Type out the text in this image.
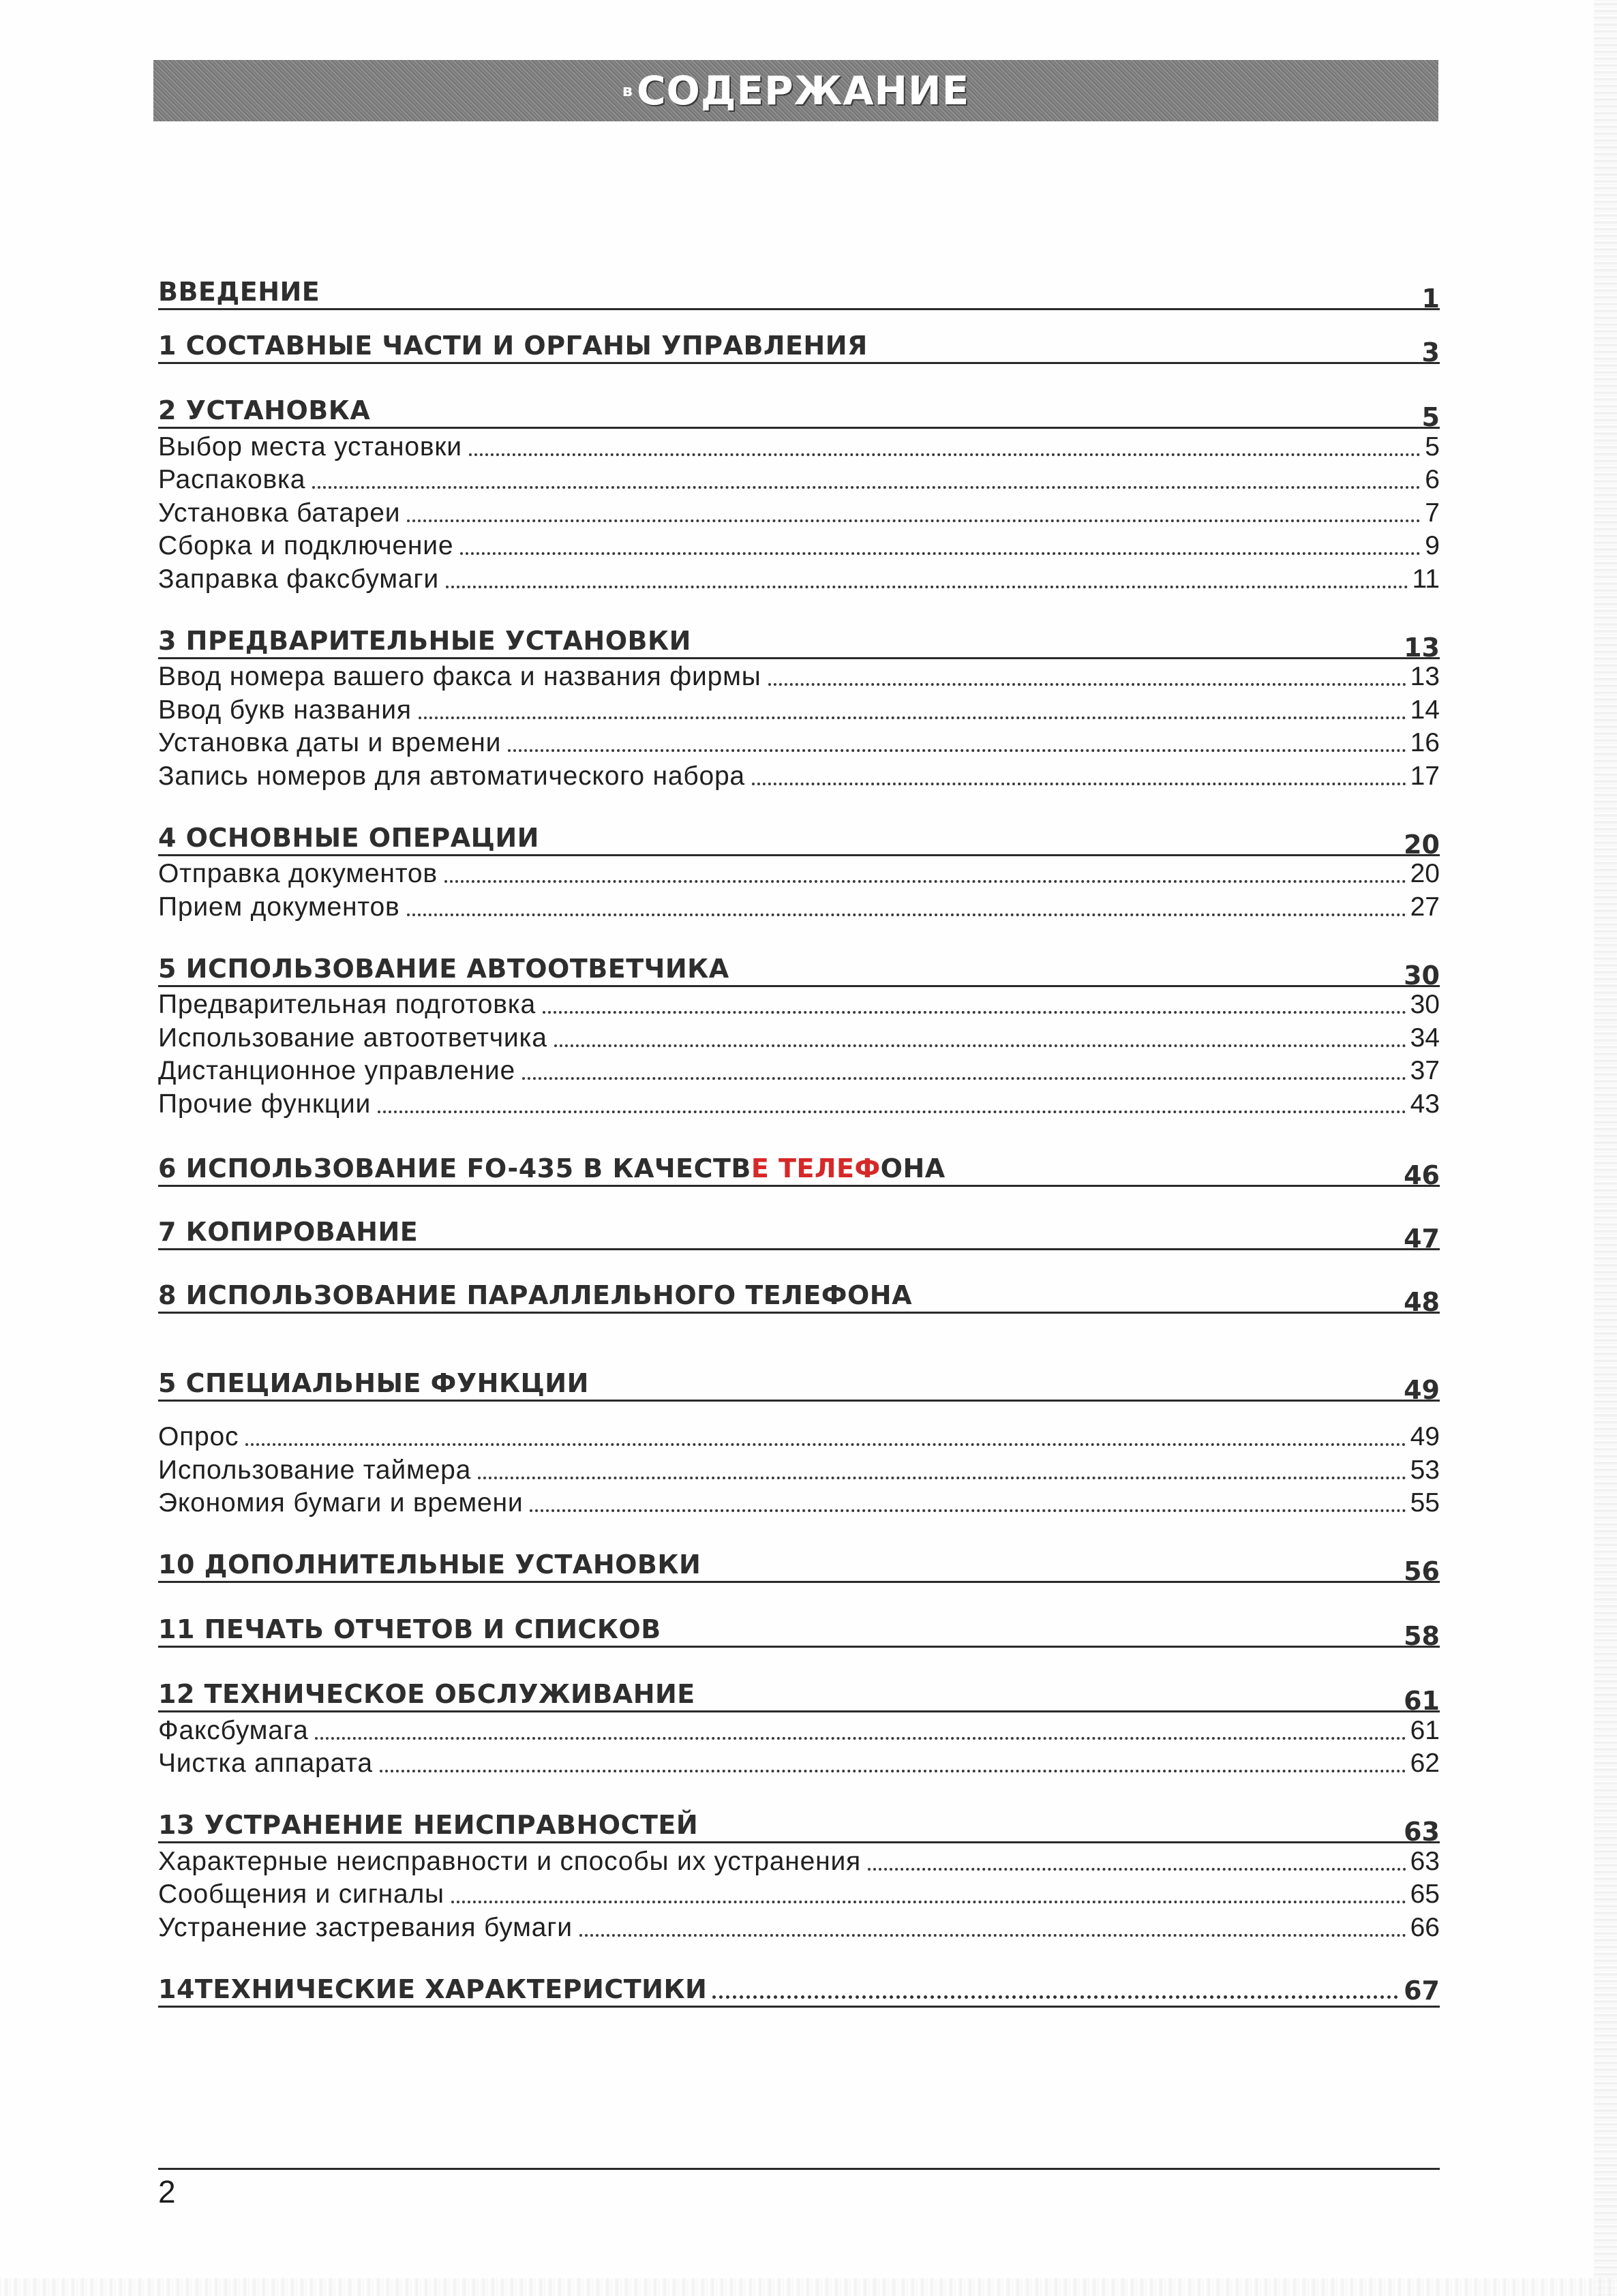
в СОДЕРЖАНИЕ
ВВЕДЕНИЕ	1
1 СОСТАВНЫЕ ЧАСТИ И ОРГАНЫ УПРАВЛЕНИЯ	3
2 УСТАНОВКА	5
Выбор места установки	5
Распаковка	6
Установка батареи	7
Сборка и подключение	9
Заправка факсбумаги	11
3 ПРЕДВАРИТЕЛЬНЫЕ УСТАНОВКИ	13
Ввод номера вашего факса и названия фирмы	13
Ввод букв названия	14
Установка даты и времени	16
Запись номеров для автоматического набора	17
4 ОСНОВНЫЕ ОПЕРАЦИИ	20
Отправка документов	20
Прием документов	27
5 ИСПОЛЬЗОВАНИЕ АВТООТВЕТЧИКА	30
Предварительная подготовка	30
Использование автоответчика	34
Дистанционное управление	37
Прочие функции	43
6 ИСПОЛЬЗОВАНИЕ FO-435 В КАЧЕСТВЕ ТЕЛЕФОНА	46
7 КОПИРОВАНИЕ	47
8 ИСПОЛЬЗОВАНИЕ ПАРАЛЛЕЛЬНОГО ТЕЛЕФОНА	48
5 СПЕЦИАЛЬНЫЕ ФУНКЦИИ	49
Опрос	49
Использование таймера	53
Экономия бумаги и времени	55
10 ДОПОЛНИТЕЛЬНЫЕ УСТАНОВКИ	56
11 ПЕЧАТЬ ОТЧЕТОВ И СПИСКОВ	58
12 ТЕХНИЧЕСКОЕ ОБСЛУЖИВАНИЕ	61
Факсбумага	61
Чистка аппарата	62
13 УСТРАНЕНИЕ НЕИСПРАВНОСТЕЙ	63
Характерные неисправности и способы их устранения	63
Сообщения и сигналы	65
Устранение застревания бумаги	66
14ТЕХНИЧЕСКИЕ ХАРАКТЕРИСТИКИ	67
2
